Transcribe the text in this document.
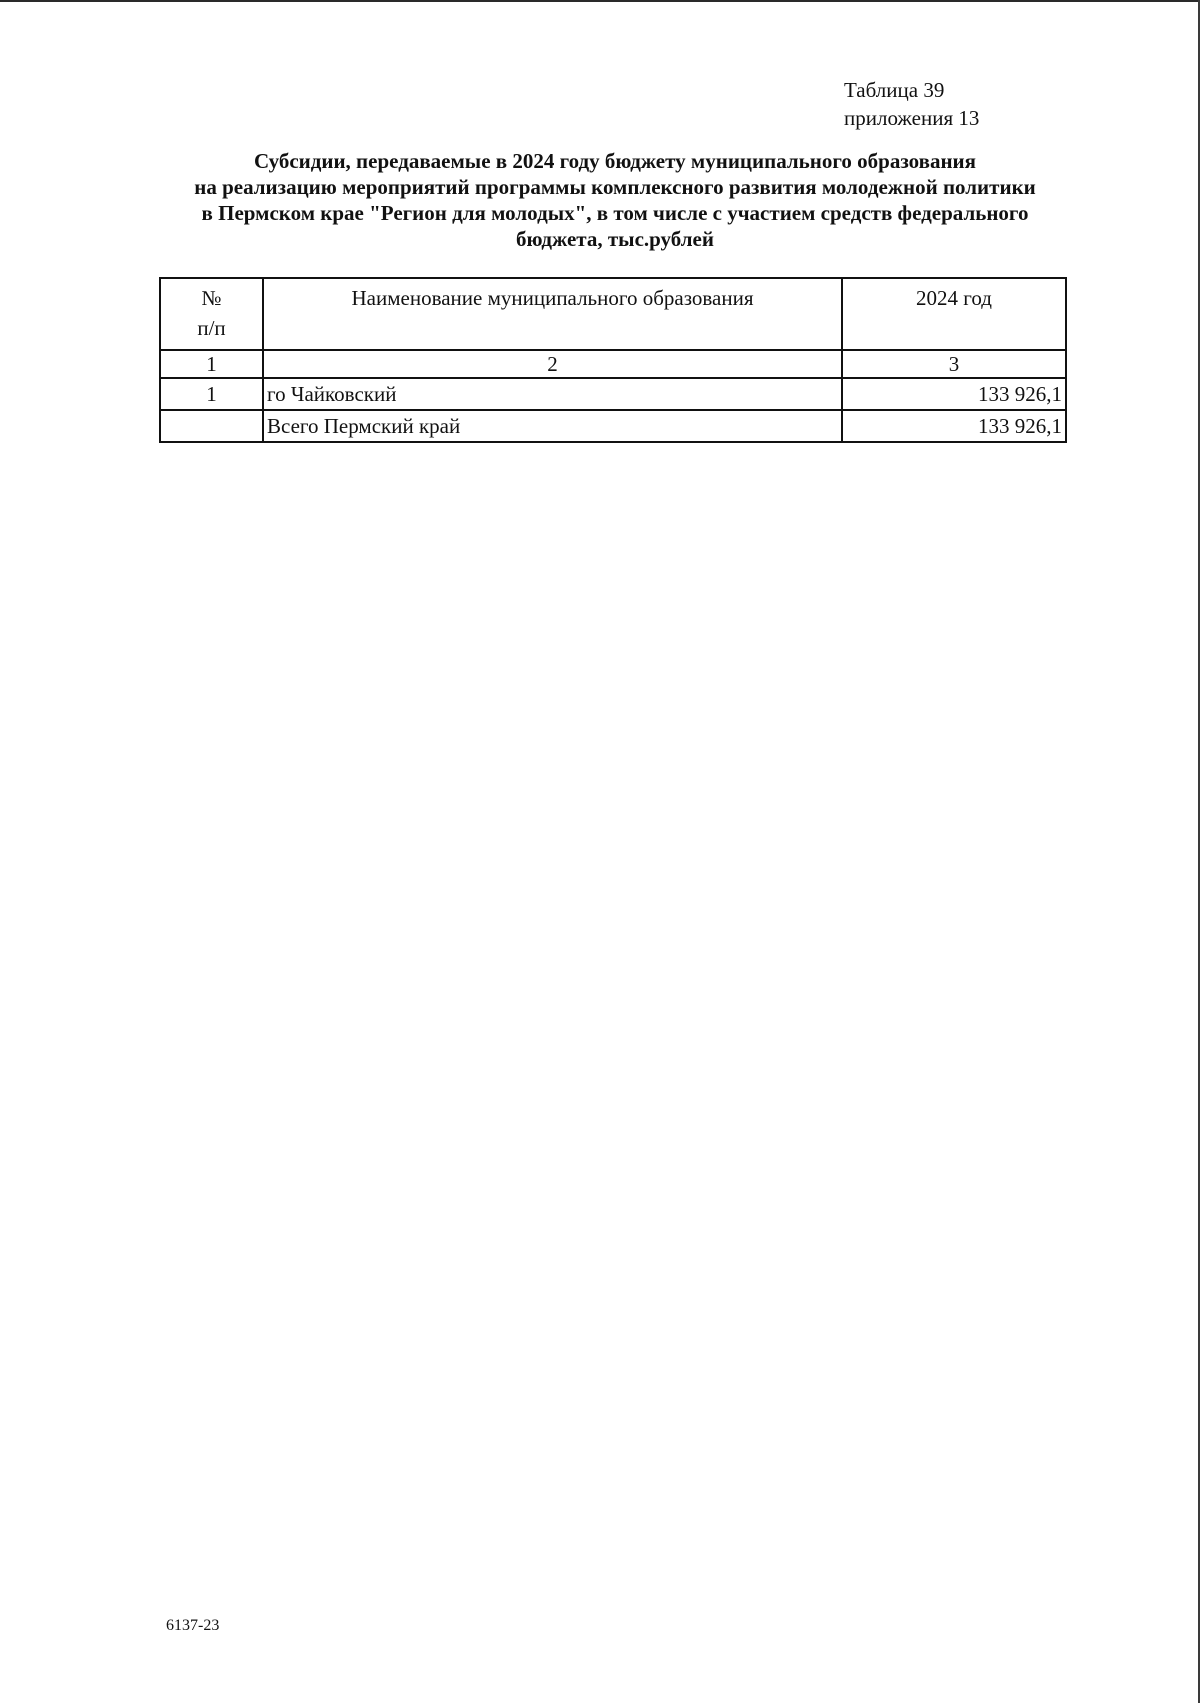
Таблица 39
приложения 13
Субсидии, передаваемые в 2024 году бюджету муниципального образования
на реализацию мероприятий программы комплексного развития молодежной политики
в Пермском крае "Регион для молодых", в том числе с участием средств федерального
бюджета, тыс.рублей
№
п/п	Наименование муниципального образования	2024 год
1	2	3
1	го Чайковский	133 926,1
	Всего Пермский край	133 926,1
6137-23
